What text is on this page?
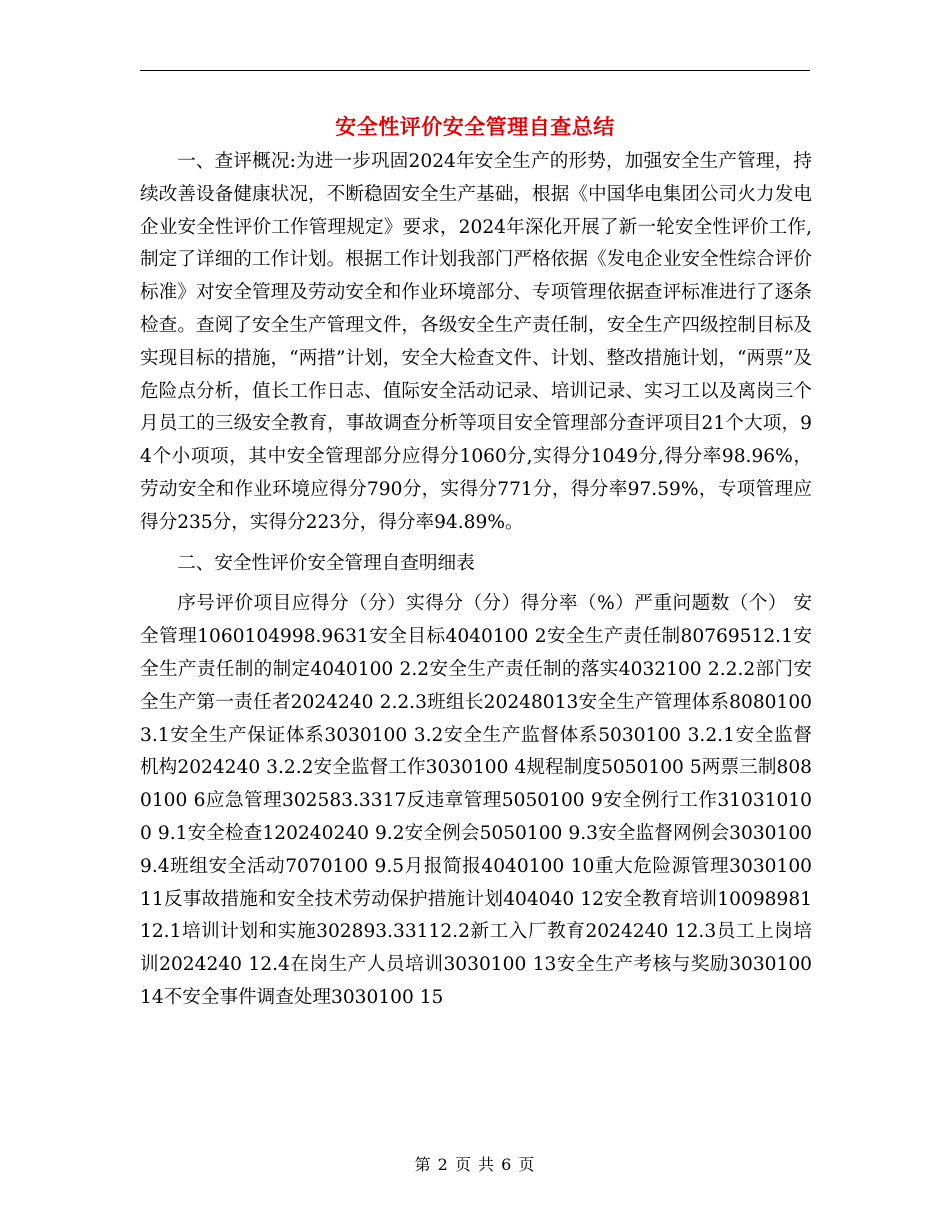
安全性评价安全管理自查总结

一、查评概况:为进一步巩固2024年安全生产的形势，加强安全生产管理，持续改善设备健康状况，不断稳固安全生产基础，根据《中国华电集团公司火力发电企业安全性评价工作管理规定》要求，2024年深化开展了新一轮安全性评价工作,制定了详细的工作计划。根据工作计划我部门严格依据《发电企业安全性综合评价标准》对安全管理及劳动安全和作业环境部分、专项管理依据查评标准进行了逐条检查。查阅了安全生产管理文件，各级安全生产责任制，安全生产四级控制目标及实现目标的措施，“两措”计划，安全大检查文件、计划、整改措施计划，“两票”及危险点分析，值长工作日志、值际安全活动记录、培训记录、实习工以及离岗三个月员工的三级安全教育，事故调查分析等项目安全管理部分查评项目21个大项，94个小项项，其中安全管理部分应得分1060分,实得分1049分,得分率98.96%，劳动安全和作业环境应得分790分，实得分771分，得分率97.59%，专项管理应得分235分，实得分223分，得分率94.89%。

二、安全性评价安全管理自查明细表

序号评价项目应得分（分）实得分（分）得分率（%）严重问题数（个） 安全管理1060104998.9631安全目标4040100 2安全生产责任制80769512.1安全生产责任制的制定4040100 2.2安全生产责任制的落实4032100 2.2.2部门安全生产第一责任者2024240 2.2.3班组长20248013安全生产管理体系8080100 3.1安全生产保证体系3030100 3.2安全生产监督体系5030100 3.2.1安全监督机构2024240 3.2.2安全监督工作3030100 4规程制度5050100 5两票三制8080100 6应急管理302583.3317反违章管理5050100 9安全例行工作310310100 9.1安全检查120240240 9.2安全例会5050100 9.3安全监督网例会3030100 9.4班组安全活动7070100 9.5月报简报4040100 10重大危险源管理3030100 11反事故措施和安全技术劳动保护措施计划404040 12安全教育培训1009898112.1培训计划和实施302893.33112.2新工入厂教育2024240 12.3员工上岗培训2024240 12.4在岗生产人员培训3030100 13安全生产考核与奖励3030100 14不安全事件调查处理3030100 15

第 2 页 共 6 页
